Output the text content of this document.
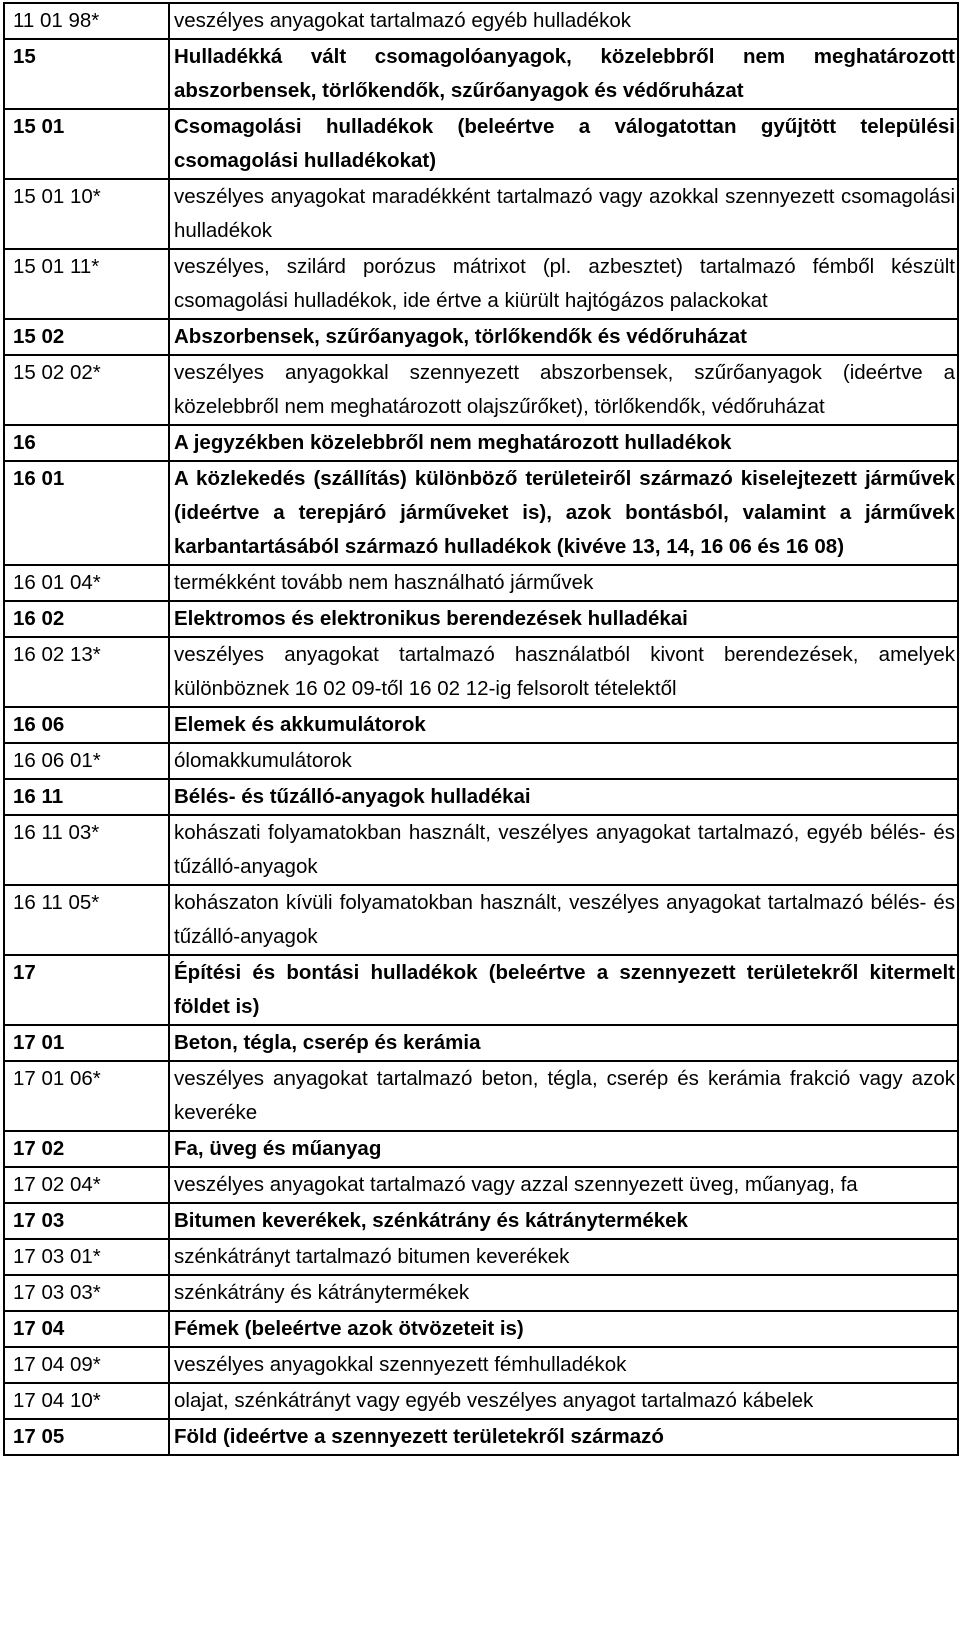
11 01 98*	veszélyes anyagokat tartalmazó egyéb hulladékok
15	Hulladékká vált csomagolóanyagok, közelebbről nem meghatározott abszorbensek, törlőkendők, szűrőanyagok és védőruházat
15 01	Csomagolási hulladékok (beleértve a válogatottan gyűjtött települési csomagolási hulladékokat)
15 01 10*	veszélyes anyagokat maradékként tartalmazó vagy azokkal szennyezett csomagolási hulladékok
15 01 11*	veszélyes, szilárd porózus mátrixot (pl. azbesztet) tartalmazó fémből készült csomagolási hulladékok, ide értve a kiürült hajtógázos palackokat
15 02	Abszorbensek, szűrőanyagok, törlőkendők és védőruházat
15 02 02*	veszélyes anyagokkal szennyezett abszorbensek, szűrőanyagok (ideértve a közelebbről nem meghatározott olajszűrőket), törlőkendők, védőruházat
16	A jegyzékben közelebbről nem meghatározott hulladékok
16 01	A közlekedés (szállítás) különböző területeiről származó kiselejtezett járművek (ideértve a terepjáró járműveket is), azok bontásból, valamint a járművek karbantartásából származó hulladékok (kivéve 13, 14, 16 06 és 16 08)
16 01 04*	termékként tovább nem használható járművek
16 02	Elektromos és elektronikus berendezések hulladékai
16 02 13*	veszélyes anyagokat tartalmazó használatból kivont berendezések, amelyek különböznek 16 02 09-től 16 02 12-ig felsorolt tételektől
16 06	Elemek és akkumulátorok
16 06 01*	ólomakkumulátorok
16 11	Bélés- és tűzálló-anyagok hulladékai
16 11 03*	kohászati folyamatokban használt, veszélyes anyagokat tartalmazó, egyéb bélés- és tűzálló-anyagok
16 11 05*	kohászaton kívüli folyamatokban használt, veszélyes anyagokat tartalmazó bélés- és tűzálló-anyagok
17	Építési és bontási hulladékok (beleértve a szennyezett területekről kitermelt földet is)
17 01	Beton, tégla, cserép és kerámia
17 01 06*	veszélyes anyagokat tartalmazó beton, tégla, cserép és kerámia frakció vagy azok keveréke
17 02	Fa, üveg és műanyag
17 02 04*	veszélyes anyagokat tartalmazó vagy azzal szennyezett üveg, műanyag, fa
17 03	Bitumen keverékek, szénkátrány és kátránytermékek
17 03 01*	szénkátrányt tartalmazó bitumen keverékek
17 03 03*	szénkátrány és kátránytermékek
17 04	Fémek (beleértve azok ötvözeteit is)
17 04 09*	veszélyes anyagokkal szennyezett fémhulladékok
17 04 10*	olajat, szénkátrányt vagy egyéb veszélyes anyagot tartalmazó kábelek
17 05	Föld (ideértve a szennyezett területekről származó
